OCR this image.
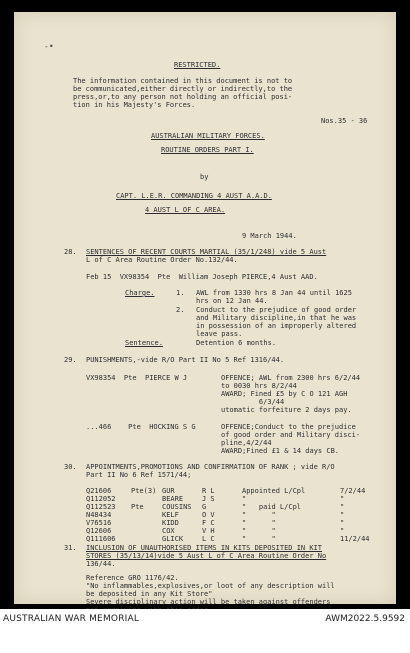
-•
RESTRICTED.
The information contained in this document is not to
be communicated,either directly or indirectly,to the
press,or,to any person not holding an official posi-
tion in his Majesty's Forces.
Nos.35 - 36
AUSTRALIAN MILITARY FORCES.
ROUTINE ORDERS PART I.
by
CAPT. L.E.R. COMMANDING 4 AUST A.A.D.
4 AUST L OF C AREA.
9 March 1944.
28. SENTENCES OF RECENT COURTS MARTIAL (35/1/248) vide 5 Aust
L of C Area Routine Order No.132/44.
Feb 15  VX98354  Pte  William Joseph PIERCE,4 Aust AAD.
Charge.	1. AWL from 1330 hrs 8 Jan 44 until 1625
hrs on 12 Jan 44.
2. Conduct to the prejudice of good order
and Military discipline,in that he was
in possession of an improperly altered
leave pass.
Sentence.	Detention 6 months.
29. PUNISHMENTS,-vide R/O Part II No 5 Ref 1316/44.
VX98354  Pte  PIERCE W J	OFFENCE; AWL from 2300 hrs 6/2/44
to 0030 hrs 8/2/44
AWARD; Fined £5 by C O 121 AGH
6/3/44
utomatic forfeiture 2 days pay.
...466    Pte  HOCKING S G	OFFENCE;Conduct to the prejudice
of good order and Military disci-
pline,4/2/44
AWARD;Fined £1 & 14 days CB.
30. APPOINTMENTS,PROMOTIONS AND CONFIRMATION OF RANK ; vide R/O
Part II No 6 Ref 1571/44;
Q21606	Pte(3) GUR	R L	Appointed L/Cpl	7/2/44
Q112052	BEARE	J S	"	"
Q112523 Pte	COUSINS G	"   paid L/Cpl	"
N48434	KELF	O V	"      "	"
V76516	KIDD	F C	"      "	"
Q12606	COX	V H	"      "	"
Q111606	GLICK	L C	"      "	11/2/44
31. INCLUSION OF UNAUTHORISED ITEMS IN KITS DEPOSITED IN KIT
STORES (35/13/14)vide 5 Aust L of C Area Routine Order No
136/44.
Reference GRO 1176/42.
"No inflammables,explosives,or loot of any description will
be deposited in any Kit Store"
Severe disciplinary action will be taken against offenders
AUSTRALIAN WAR MEMORIAL	AWM2022.5.9592
